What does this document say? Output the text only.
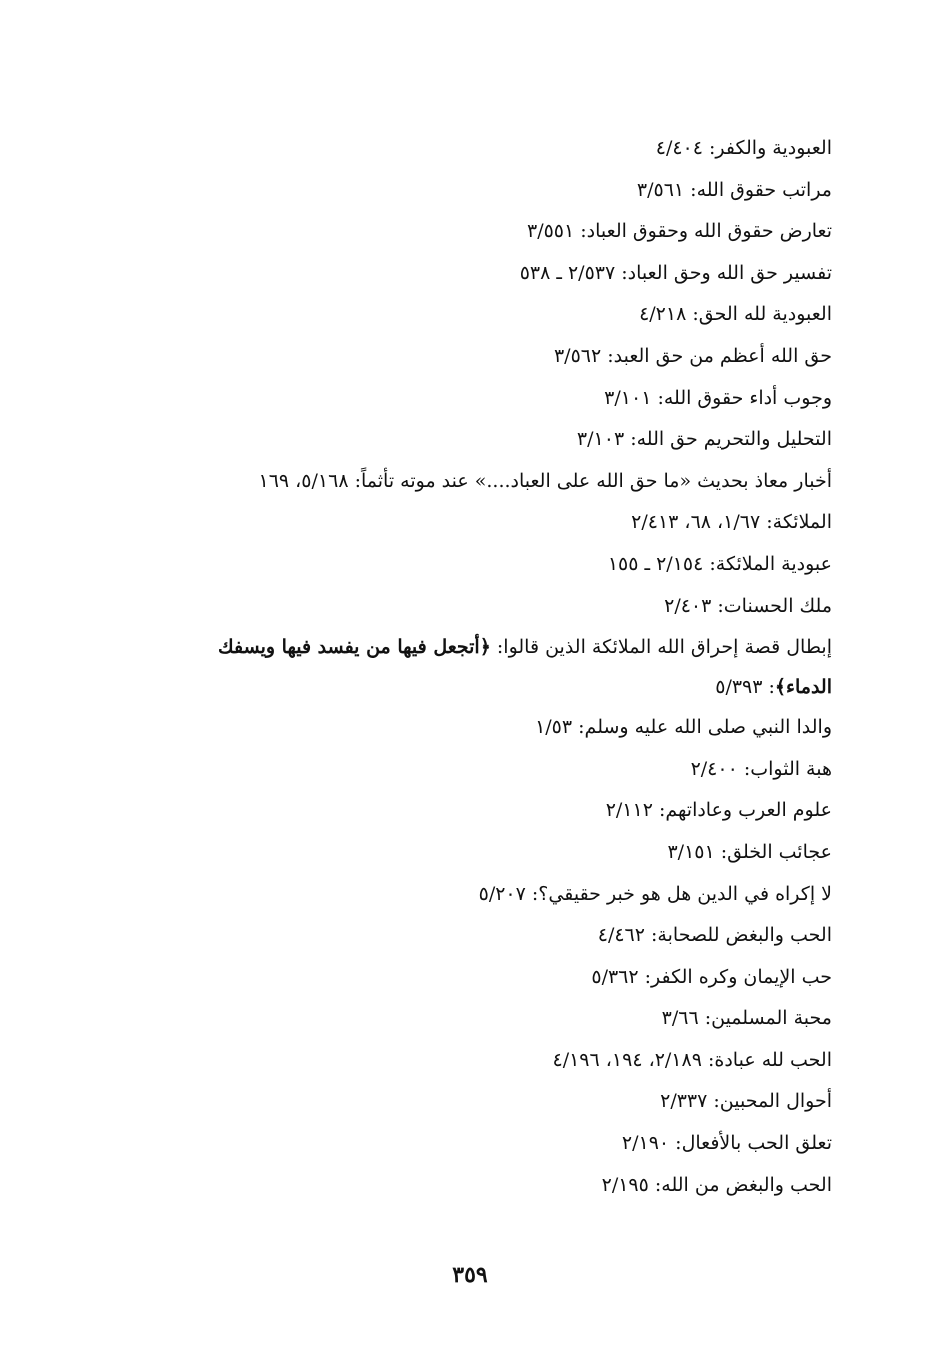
العبودية والكفر: ٤/٤٠٤
مراتب حقوق الله: ٣/٥٦١
تعارض حقوق الله وحقوق العباد: ٣/٥٥١
تفسير حق الله وحق العباد: ٢/٥٣٧ ـ ٥٣٨
العبودية لله الحق: ٤/٢١٨
حق الله أعظم من حق العبد: ٣/٥٦٢
وجوب أداء حقوق الله: ٣/١٠١
التحليل والتحريم حق الله: ٣/١٠٣
أخبار معاذ بحديث «ما حق الله على العباد....» عند موته تأثماً: ٥/١٦٨، ١٦٩
الملائكة: ١/٦٧، ٦٨، ٢/٤١٣
عبودية الملائكة: ٢/١٥٤ ـ ١٥٥
ملك الحسنات: ٢/٤٠٣
إبطال قصة إحراق الله الملائكة الذين قالوا: ﴿أتجعل فيها من يفسد فيها ويسفك الدماء﴾: ٥/٣٩٣
والدا النبي صلى الله عليه وسلم: ١/٥٣
هبة الثواب: ٢/٤٠٠
علوم العرب وعاداتهم: ٢/١١٢
عجائب الخلق: ٣/١٥١
لا إكراه في الدين هل هو خبر حقيقي؟: ٥/٢٠٧
الحب والبغض للصحابة: ٤/٤٦٢
حب الإيمان وكره الكفر: ٥/٣٦٢
محبة المسلمين: ٣/٦٦
الحب لله عبادة: ٢/١٨٩، ١٩٤، ٤/١٩٦
أحوال المحبين: ٢/٣٣٧
تعلق الحب بالأفعال: ٢/١٩٠
الحب والبغض من الله: ٢/١٩٥
٣٥٩
